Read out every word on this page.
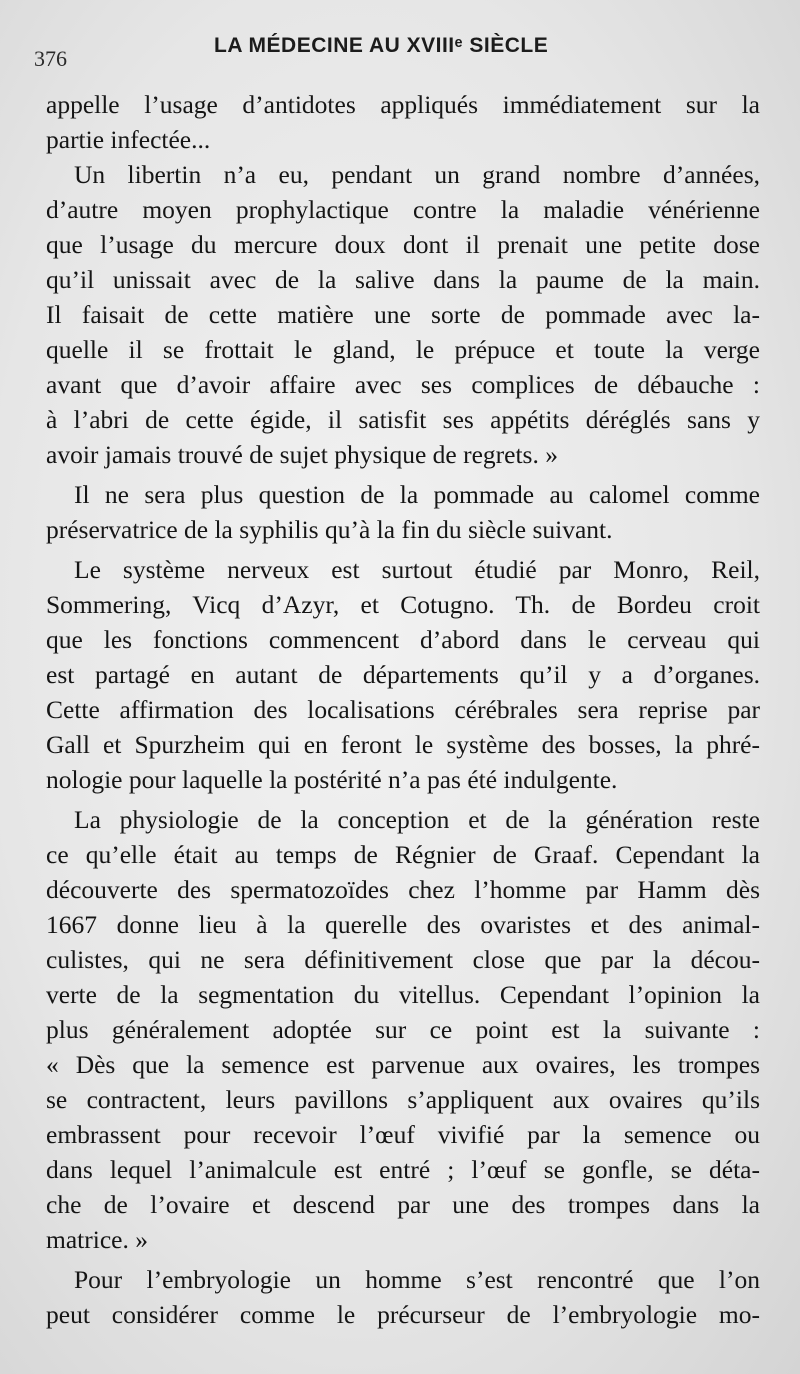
376
LA MÉDECINE AU XVIIIᵉ SIÈCLE
appelle l’usage d’antidotes appliqués immédiatement sur la
partie infectée...
Un libertin n’a eu, pendant un grand nombre d’années,
d’autre moyen prophylactique contre la maladie vénérienne
que l’usage du mercure doux dont il prenait une petite dose
qu’il unissait avec de la salive dans la paume de la main.
Il faisait de cette matière une sorte de pommade avec la-
quelle il se frottait le gland, le prépuce et toute la verge
avant que d’avoir affaire avec ses complices de débauche :
à l’abri de cette égide, il satisfit ses appétits déréglés sans y
avoir jamais trouvé de sujet physique de regrets. »
Il ne sera plus question de la pommade au calomel comme
préservatrice de la syphilis qu’à la fin du siècle suivant.
Le système nerveux est surtout étudié par Monro, Reil,
Sommering, Vicq d’Azyr, et Cotugno. Th. de Bordeu croit
que les fonctions commencent d’abord dans le cerveau qui
est partagé en autant de départements qu’il y a d’organes.
Cette affirmation des localisations cérébrales sera reprise par
Gall et Spurzheim qui en feront le système des bosses, la phré-
nologie pour laquelle la postérité n’a pas été indulgente.
La physiologie de la conception et de la génération reste
ce qu’elle était au temps de Régnier de Graaf. Cependant la
découverte des spermatozoïdes chez l’homme par Hamm dès
1667 donne lieu à la querelle des ovaristes et des animal-
culistes, qui ne sera définitivement close que par la décou-
verte de la segmentation du vitellus. Cependant l’opinion la
plus généralement adoptée sur ce point est la suivante :
« Dès que la semence est parvenue aux ovaires, les trompes
se contractent, leurs pavillons s’appliquent aux ovaires qu’ils
embrassent pour recevoir l’œuf vivifié par la semence ou
dans lequel l’animalcule est entré ; l’œuf se gonfle, se déta-
che de l’ovaire et descend par une des trompes dans la
matrice. »
Pour l’embryologie un homme s’est rencontré que l’on
peut considérer comme le précurseur de l’embryologie mo-
